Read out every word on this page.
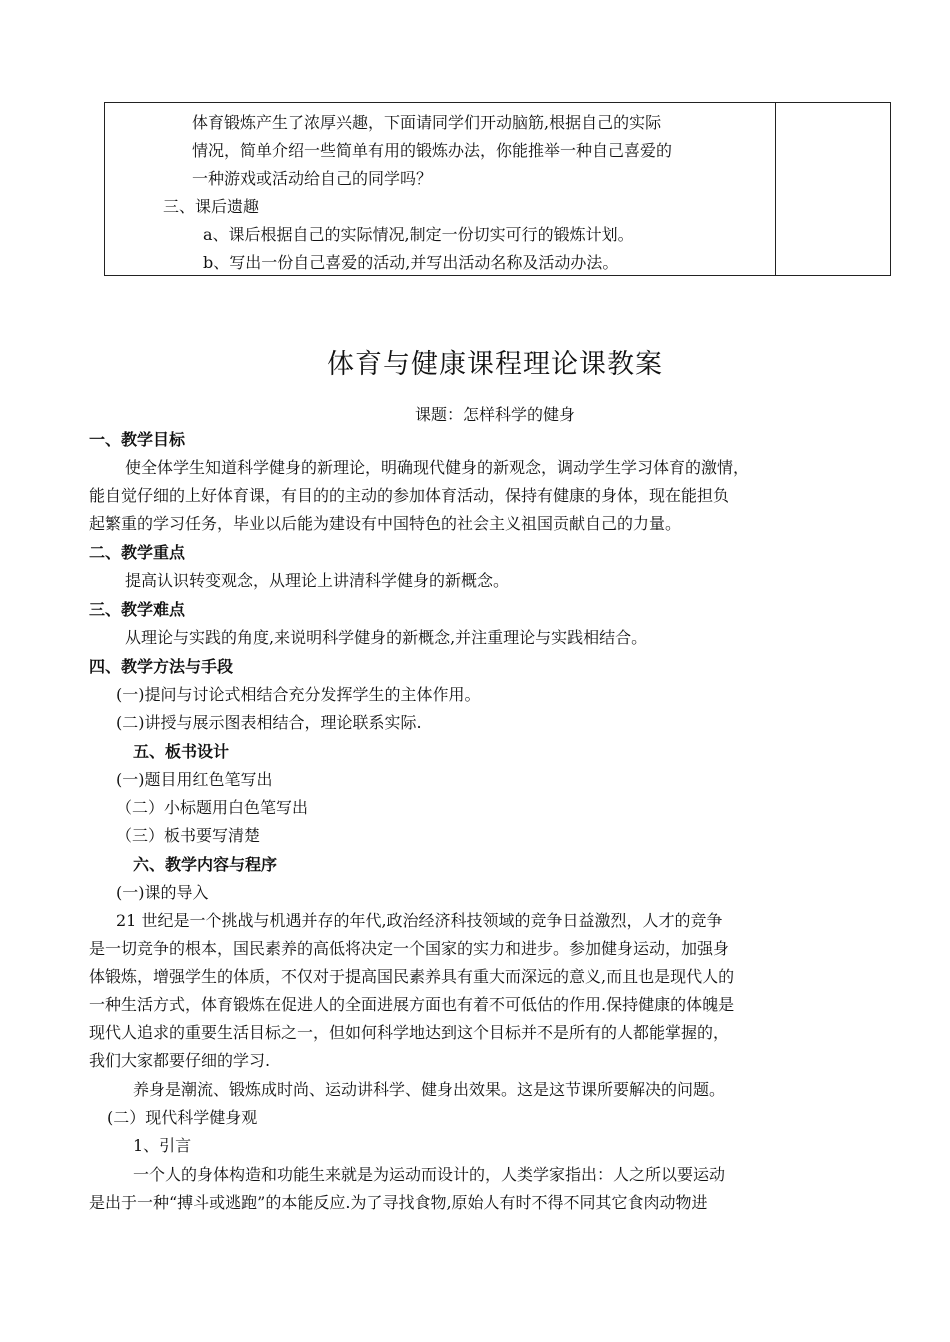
体育锻炼产生了浓厚兴趣，下面请同学们开动脑筋,根据自己的实际
情况，简单介绍一些简单有用的锻炼办法，你能推举一种自己喜爱的
一种游戏或活动给自己的同学吗？
三、课后遗趣
a、课后根据自己的实际情况,制定一份切实可行的锻炼计划。
b、写出一份自己喜爱的活动,并写出活动名称及活动办法。
体育与健康课程理论课教案
课题：怎样科学的健身
一、教学目标
使全体学生知道科学健身的新理论，明确现代健身的新观念，调动学生学习体育的激情，
能自觉仔细的上好体育课，有目的的主动的参加体育活动，保持有健康的身体，现在能担负
起繁重的学习任务，毕业以后能为建设有中国特色的社会主义祖国贡献自己的力量。
二、教学重点
提高认识转变观念，从理论上讲清科学健身的新概念。
三、教学难点
从理论与实践的角度,来说明科学健身的新概念,并注重理论与实践相结合。
四、教学方法与手段
(一)提问与讨论式相结合充分发挥学生的主体作用。
(二)讲授与展示图表相结合，理论联系实际.
五、板书设计
(一)题目用红色笔写出
（二）小标题用白色笔写出
（三）板书要写清楚
六、教学内容与程序
(一)课的导入
21 世纪是一个挑战与机遇并存的年代,政治经济科技领域的竞争日益激烈，人才的竞争
是一切竞争的根本，国民素养的高低将决定一个国家的实力和进步。参加健身运动，加强身
体锻炼，增强学生的体质，不仅对于提高国民素养具有重大而深远的意义,而且也是现代人的
一种生活方式，体育锻炼在促进人的全面进展方面也有着不可低估的作用.保持健康的体魄是
现代人追求的重要生活目标之一，但如何科学地达到这个目标并不是所有的人都能掌握的，
我们大家都要仔细的学习.
养身是潮流、锻炼成时尚、运动讲科学、健身出效果。这是这节课所要解决的问题。
(二）现代科学健身观
1、引言
一个人的身体构造和功能生来就是为运动而设计的，人类学家指出：人之所以要运动
是出于一种“搏斗或逃跑”的本能反应.为了寻找食物,原始人有时不得不同其它食肉动物进
